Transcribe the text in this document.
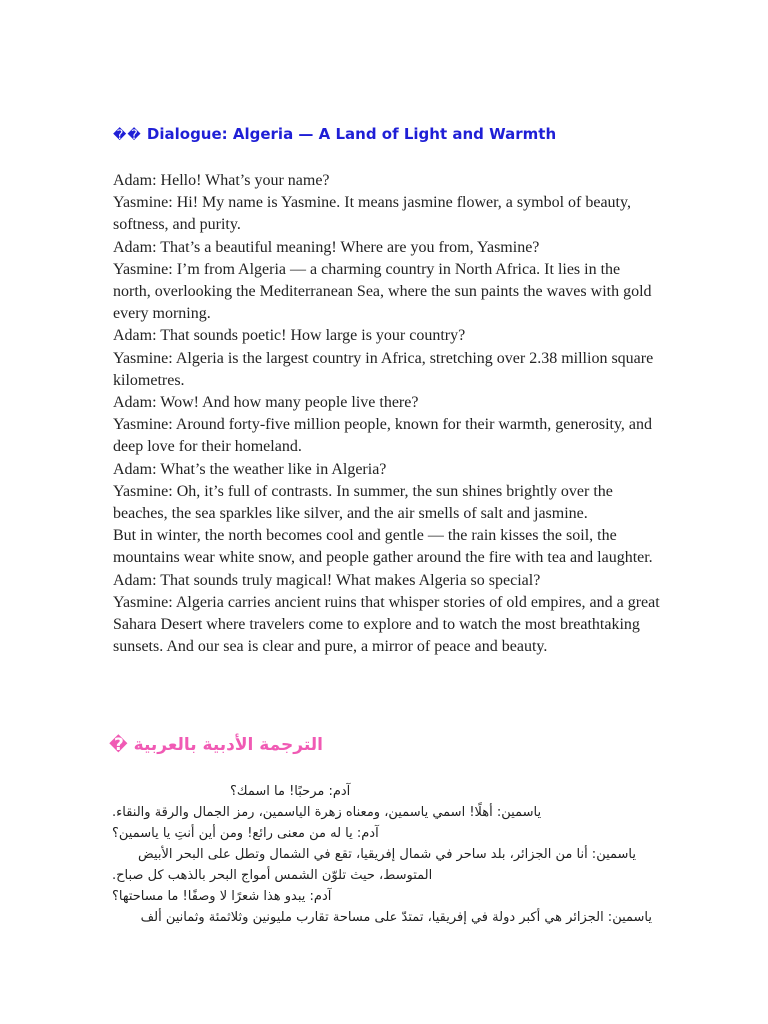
�� Dialogue: Algeria — A Land of Light and Warmth

Adam: Hello! What’s your name?

Yasmine: Hi! My name is Yasmine. It means jasmine flower, a symbol of beauty, softness, and purity.

Adam: That’s a beautiful meaning! Where are you from, Yasmine?

Yasmine: I’m from Algeria — a charming country in North Africa. It lies in the north, overlooking the Mediterranean Sea, where the sun paints the waves with gold every morning.

Adam: That sounds poetic! How large is your country?

Yasmine: Algeria is the largest country in Africa, stretching over 2.38 million square kilometres.

Adam: Wow! And how many people live there?

Yasmine: Around forty-five million people, known for their warmth, generosity, and deep love for their homeland.

Adam: What’s the weather like in Algeria?

Yasmine: Oh, it’s full of contrasts. In summer, the sun shines brightly over the beaches, the sea sparkles like silver, and the air smells of salt and jasmine.

But in winter, the north becomes cool and gentle — the rain kisses the soil, the mountains wear white snow, and people gather around the fire with tea and laughter.

Adam: That sounds truly magical! What makes Algeria so special?

Yasmine: Algeria carries ancient ruins that whisper stories of old empires, and a great Sahara Desert where travelers come to explore and to watch the most breathtaking sunsets. And our sea is clear and pure, a mirror of peace and beauty.

الترجمة الأدبية بالعربية �

آدم: مرحبًا! ما اسمك؟

ياسمين: أهلًا! اسمي ياسمين، ومعناه زهرة الياسمين، رمز الجمال والرقة والنقاء.

آدم: يا له من معنى رائع! ومن أين أنتِ يا ياسمين؟

ياسمين: أنا من الجزائر، بلد ساحر في شمال إفريقيا، تقع في الشمال وتطل على البحر الأبيض

المتوسط، حيث تلوّن الشمس أمواج البحر بالذهب كل صباح.

آدم: يبدو هذا شعرًا لا وصفًا! ما مساحتها؟

ياسمين: الجزائر هي أكبر دولة في إفريقيا، تمتدّ على مساحة تقارب مليونين وثلاثمئة وثمانين ألف
